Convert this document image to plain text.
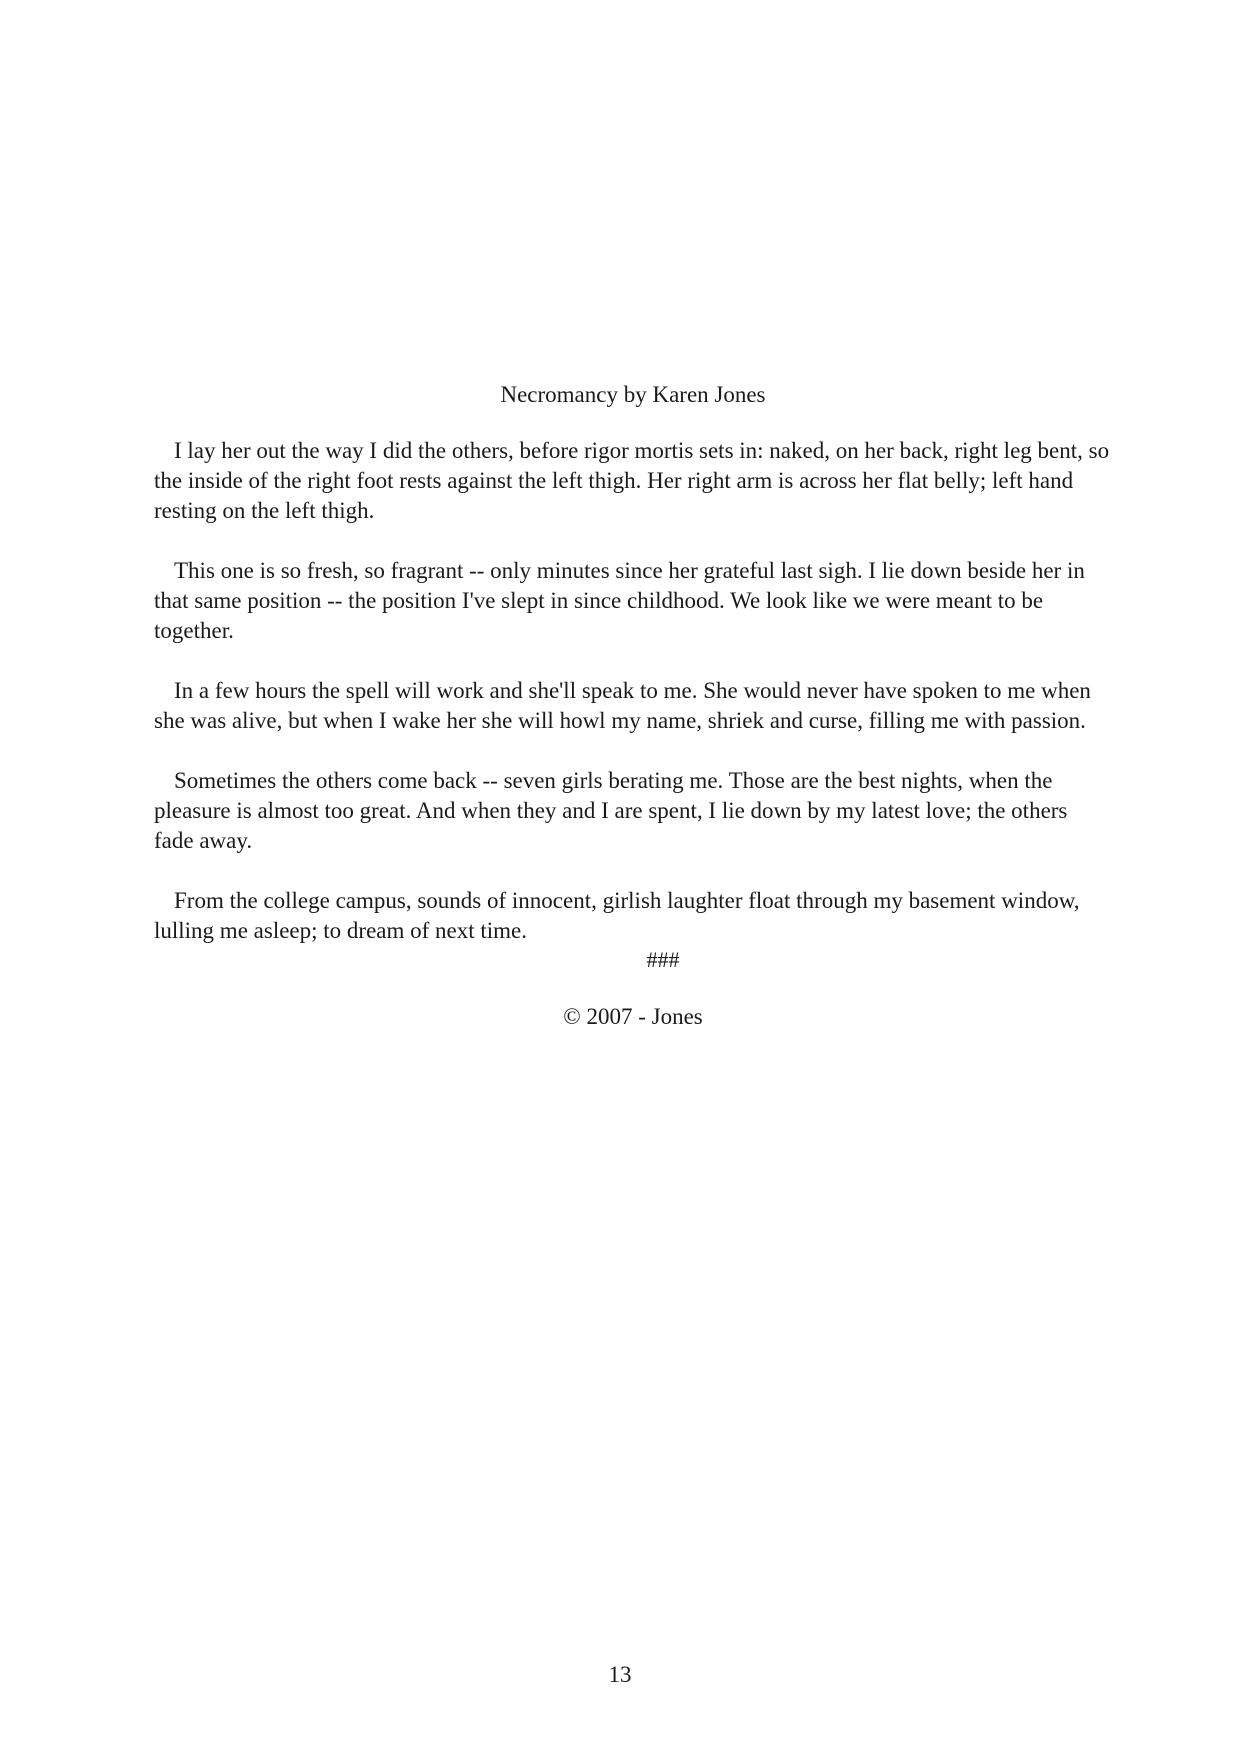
Necromancy by Karen Jones

I lay her out the way I did the others, before rigor mortis sets in: naked, on her back, right leg bent, so the inside of the right foot rests against the left thigh. Her right arm is across her flat belly; left hand resting on the left thigh.

This one is so fresh, so fragrant -- only minutes since her grateful last sigh. I lie down beside her in that same position -- the position I've slept in since childhood. We look like we were meant to be together.

In a few hours the spell will work and she'll speak to me. She would never have spoken to me when she was alive, but when I wake her she will howl my name, shriek and curse, filling me with passion.

Sometimes the others come back -- seven girls berating me. Those are the best nights, when the pleasure is almost too great. And when they and I are spent, I lie down by my latest love; the others fade away.

From the college campus, sounds of innocent, girlish laughter float through my basement window, lulling me asleep; to dream of next time.

###

© 2007 - Jones

13
